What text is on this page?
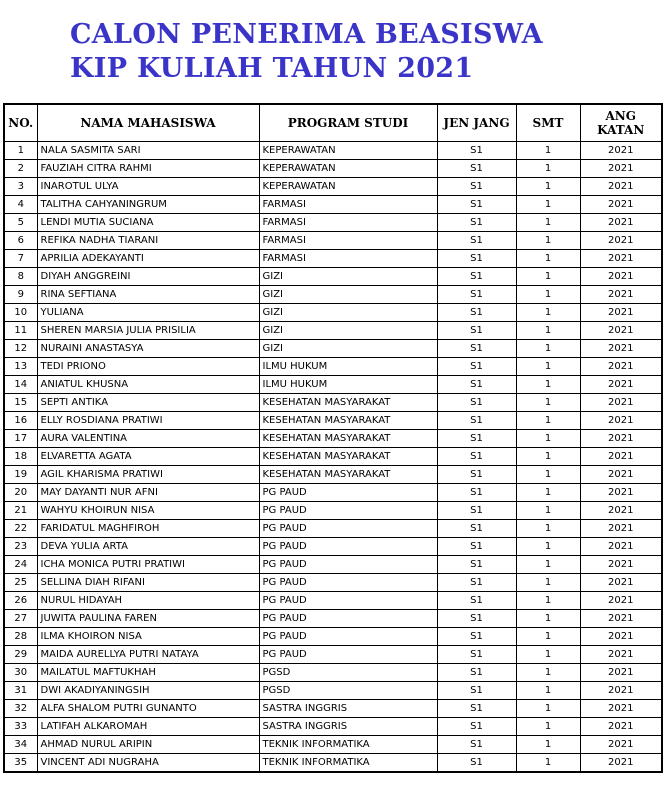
CALON PENERIMA BEASISWA
KIP KULIAH TAHUN 2021
NO.	NAMA MAHASISWA	PROGRAM STUDI	JEN JANG	SMT	ANG
KATAN
1	NALA SASMITA SARI	KEPERAWATAN	S1	1	2021
2	FAUZIAH CITRA RAHMI	KEPERAWATAN	S1	1	2021
3	INAROTUL ULYA	KEPERAWATAN	S1	1	2021
4	TALITHA CAHYANINGRUM	FARMASI	S1	1	2021
5	LENDI MUTIA SUCIANA	FARMASI	S1	1	2021
6	REFIKA NADHA TIARANI	FARMASI	S1	1	2021
7	APRILIA ADEKAYANTI	FARMASI	S1	1	2021
8	DIYAH ANGGREINI	GIZI	S1	1	2021
9	RINA SEFTIANA	GIZI	S1	1	2021
10	YULIANA	GIZI	S1	1	2021
11	SHEREN MARSIA JULIA PRISILIA	GIZI	S1	1	2021
12	NURAINI ANASTASYA	GIZI	S1	1	2021
13	TEDI PRIONO	ILMU HUKUM	S1	1	2021
14	ANIATUL KHUSNA	ILMU HUKUM	S1	1	2021
15	SEPTI ANTIKA	KESEHATAN MASYARAKAT	S1	1	2021
16	ELLY ROSDIANA PRATIWI	KESEHATAN MASYARAKAT	S1	1	2021
17	AURA VALENTINA	KESEHATAN MASYARAKAT	S1	1	2021
18	ELVARETTA AGATA	KESEHATAN MASYARAKAT	S1	1	2021
19	AGIL KHARISMA PRATIWI	KESEHATAN MASYARAKAT	S1	1	2021
20	MAY DAYANTI NUR AFNI	PG PAUD	S1	1	2021
21	WAHYU KHOIRUN NISA	PG PAUD	S1	1	2021
22	FARIDATUL MAGHFIROH	PG PAUD	S1	1	2021
23	DEVA YULIA ARTA	PG PAUD	S1	1	2021
24	ICHA MONICA PUTRI PRATIWI	PG PAUD	S1	1	2021
25	SELLINA DIAH RIFANI	PG PAUD	S1	1	2021
26	NURUL HIDAYAH	PG PAUD	S1	1	2021
27	JUWITA PAULINA FAREN	PG PAUD	S1	1	2021
28	ILMA KHOIRON NISA	PG PAUD	S1	1	2021
29	MAIDA AURELLYA PUTRI NATAYA	PG PAUD	S1	1	2021
30	MAILATUL MAFTUKHAH	PGSD	S1	1	2021
31	DWI AKADIYANINGSIH	PGSD	S1	1	2021
32	ALFA SHALOM PUTRI GUNANTO	SASTRA INGGRIS	S1	1	2021
33	LATIFAH ALKAROMAH	SASTRA INGGRIS	S1	1	2021
34	AHMAD NURUL ARIPIN	TEKNIK INFORMATIKA	S1	1	2021
35	VINCENT ADI NUGRAHA	TEKNIK INFORMATIKA	S1	1	2021
